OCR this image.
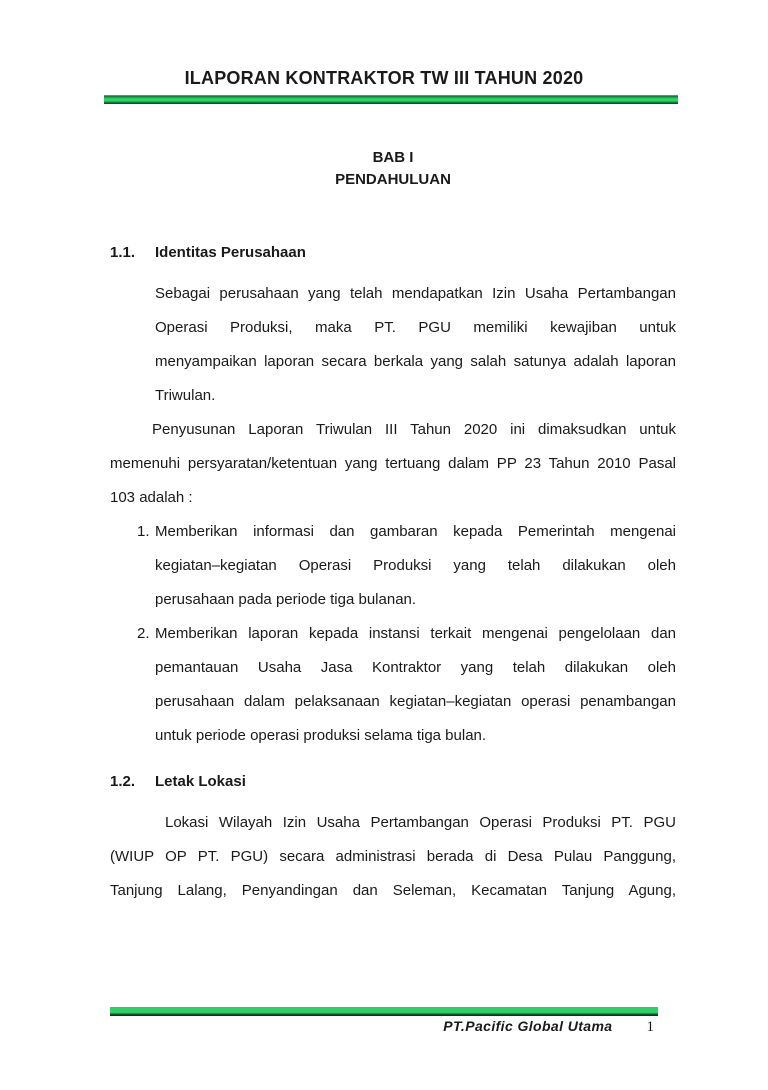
ILAPORAN KONTRAKTOR TW III TAHUN 2020
BAB I
PENDAHULUAN
1.1.	Identitas Perusahaan
Sebagai perusahaan yang telah mendapatkan Izin Usaha Pertambangan
Operasi Produksi, maka PT. PGU memiliki kewajiban untuk
menyampaikan laporan secara berkala yang salah satunya adalah laporan
Triwulan.
Penyusunan Laporan Triwulan III Tahun 2020 ini dimaksudkan untuk
memenuhi persyaratan/ketentuan yang tertuang dalam PP 23 Tahun 2010 Pasal
103 adalah :
1. Memberikan informasi dan gambaran kepada Pemerintah mengenai
kegiatan–kegiatan Operasi Produksi yang telah dilakukan oleh
perusahaan pada periode tiga bulanan.
2. Memberikan laporan kepada instansi terkait mengenai pengelolaan dan
pemantauan Usaha Jasa Kontraktor yang telah dilakukan oleh
perusahaan dalam pelaksanaan kegiatan–kegiatan operasi penambangan
untuk periode operasi produksi selama tiga bulan.
1.2.	Letak Lokasi
Lokasi Wilayah Izin Usaha Pertambangan Operasi Produksi PT. PGU
(WIUP OP PT. PGU) secara administrasi berada di Desa Pulau Panggung,
Tanjung Lalang, Penyandingan dan Seleman, Kecamatan Tanjung Agung,
PT.Pacific Global Utama 1
